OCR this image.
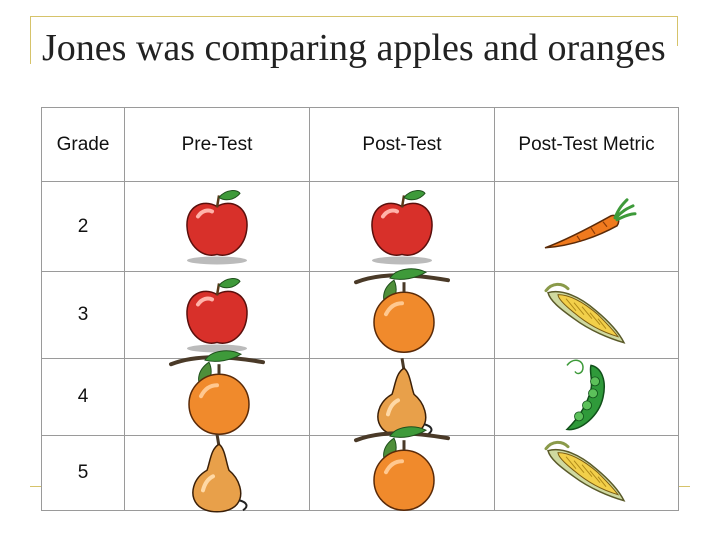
Jones was comparing apples and oranges
Grade	Pre-Test	Post-Test	Post-Test Metric
2	

3	

4	

5	
